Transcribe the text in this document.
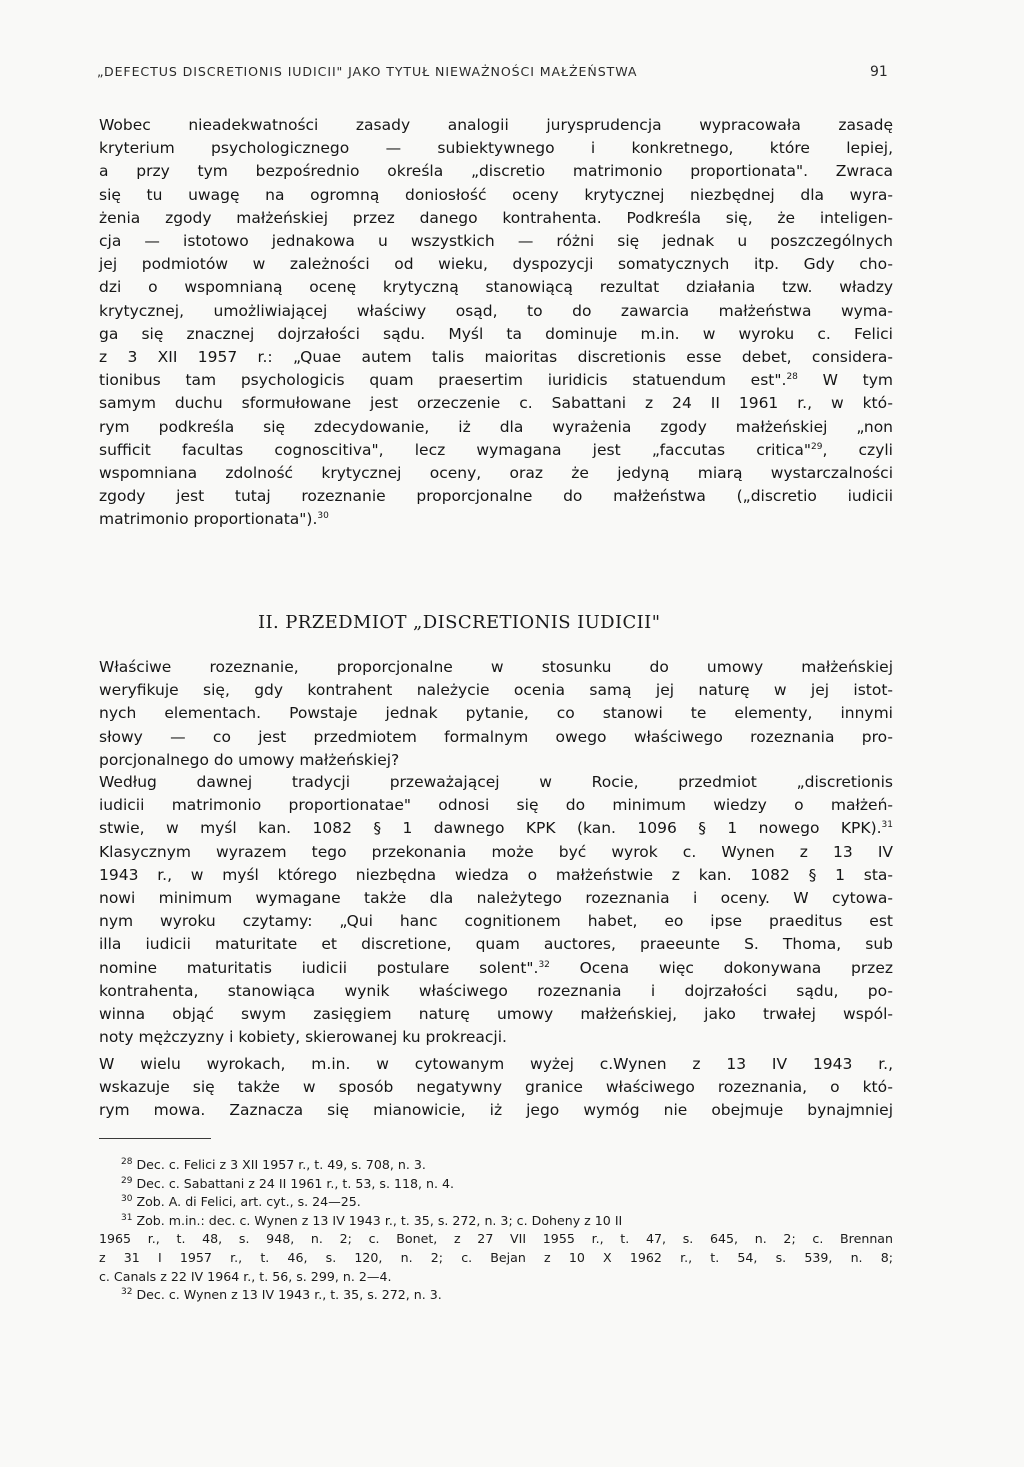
„DEFECTUS DISCRETIONIS IUDICII" JAKO TYTUŁ NIEWAŻNOŚCI MAŁŻEŃSTWA	91
Wobec nieadekwatności zasady analogii jurysprudencja wypracowała zasadę
kryterium psychologicznego — subiektywnego i konkretnego, które lepiej,
a przy tym bezpośrednio określa „discretio matrimonio proportionata". Zwraca
się tu uwagę na ogromną doniosłość oceny krytycznej niezbędnej dla wyra-
żenia zgody małżeńskiej przez danego kontrahenta. Podkreśla się, że inteligen-
cja — istotowo jednakowa u wszystkich — różni się jednak u poszczególnych
jej podmiotów w zależności od wieku, dyspozycji somatycznych itp. Gdy cho-
dzi o wspomnianą ocenę krytyczną stanowiącą rezultat działania tzw. władzy
krytycznej, umożliwiającej właściwy osąd, to do zawarcia małżeństwa wyma-
ga się znacznej dojrzałości sądu. Myśl ta dominuje m.in. w wyroku c. Felici
z 3 XII 1957 r.: „Quae autem talis maioritas discretionis esse debet, considera-
tionibus tam psychologicis quam praesertim iuridicis statuendum est".$^{28}$ W tym
samym duchu sformułowane jest orzeczenie c. Sabattani z 24 II 1961 r., w któ-
rym podkreśla się zdecydowanie, iż dla wyrażenia zgody małżeńskiej „non
sufficit facultas cognoscitiva", lecz wymagana jest „faccutas critica"$^{29}$, czyli
wspomniana zdolność krytycznej oceny, oraz że jedyną miarą wystarczalności
zgody jest tutaj rozeznanie proporcjonalne do małżeństwa („discretio iudicii
matrimonio proportionata").$^{30}$
II. PRZEDMIOT „DISCRETIONIS IUDICII"
Właściwe rozeznanie, proporcjonalne w stosunku do umowy małżeńskiej
weryfikuje się, gdy kontrahent należycie ocenia samą jej naturę w jej istot-
nych elementach. Powstaje jednak pytanie, co stanowi te elementy, innymi
słowy — co jest przedmiotem formalnym owego właściwego rozeznania pro-
porcjonalnego do umowy małżeńskiej?
Według dawnej tradycji przeważającej w Rocie, przedmiot „discretionis
iudicii matrimonio proportionatae" odnosi się do minimum wiedzy o małżeń-
stwie, w myśl kan. 1082 § 1 dawnego KPK (kan. 1096 § 1 nowego KPK).$^{31}$
Klasycznym wyrazem tego przekonania może być wyrok c. Wynen z 13 IV
1943 r., w myśl którego niezbędna wiedza o małżeństwie z kan. 1082 § 1 sta-
nowi minimum wymagane także dla należytego rozeznania i oceny. W cytowa-
nym wyroku czytamy: „Qui hanc cognitionem habet, eo ipse praeditus est
illa iudicii maturitate et discretione, quam auctores, praeeunte S. Thoma, sub
nomine maturitatis iudicii postulare solent".$^{32}$ Ocena więc dokonywana przez
kontrahenta, stanowiąca wynik właściwego rozeznania i dojrzałości sądu, po-
winna objąć swym zasięgiem naturę umowy małżeńskiej, jako trwałej wspól-
noty mężczyzny i kobiety, skierowanej ku prokreacji.
W wielu wyrokach, m.in. w cytowanym wyżej c.Wynen z 13 IV 1943 r.,
wskazuje się także w sposób negatywny granice właściwego rozeznania, o któ-
rym mowa. Zaznacza się mianowicie, iż jego wymóg nie obejmuje bynajmniej
$^{28}$ Dec. c. Felici z 3 XII 1957 r., t. 49, s. 708, n. 3.
$^{29}$ Dec. c. Sabattani z 24 II 1961 r., t. 53, s. 118, n. 4.
$^{30}$ Zob. A. di Felici, art. cyt., s. 24—25.
$^{31}$ Zob. m.in.: dec. c. Wynen z 13 IV 1943 r., t. 35, s. 272, n. 3; c. Doheny z 10 II
1965 r., t. 48, s. 948, n. 2; c. Bonet, z 27 VII 1955 r., t. 47, s. 645, n. 2; c. Brennan
z 31 I 1957 r., t. 46, s. 120, n. 2; c. Bejan z 10 X 1962 r., t. 54, s. 539, n. 8;
c. Canals z 22 IV 1964 r., t. 56, s. 299, n. 2—4.
$^{32}$ Dec. c. Wynen z 13 IV 1943 r., t. 35, s. 272, n. 3.
